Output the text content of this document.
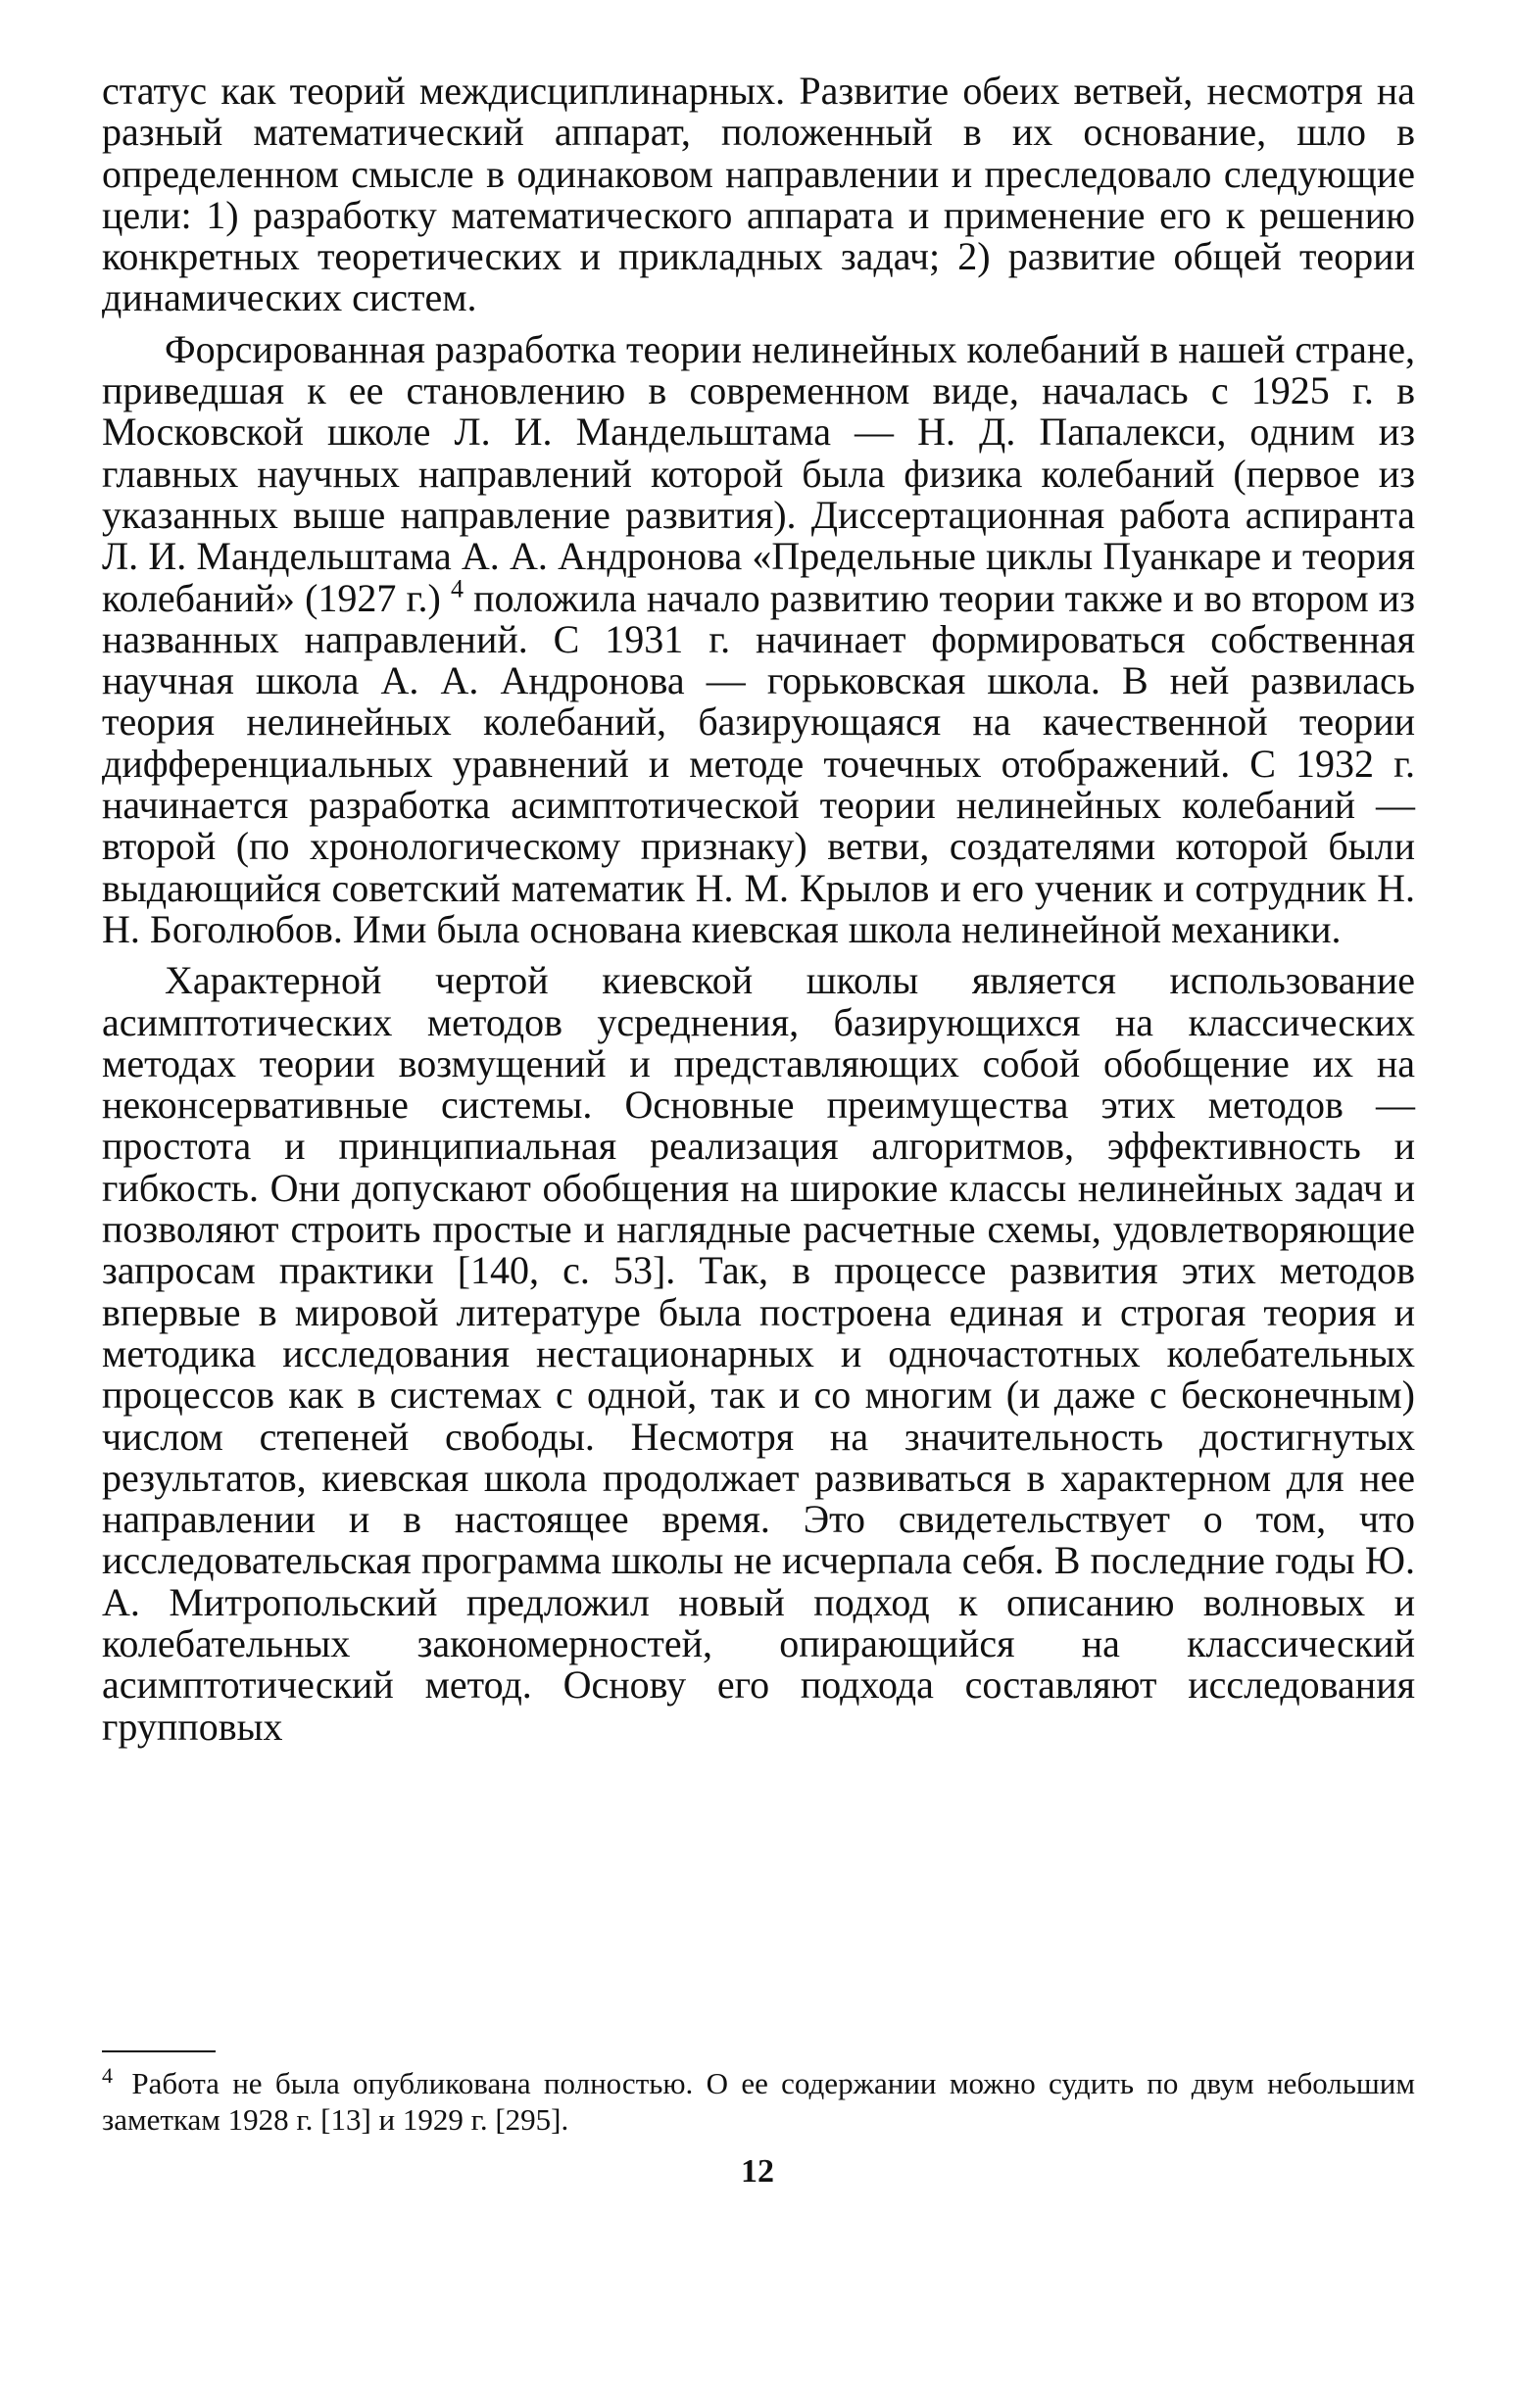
статус как теорий междисциплинарных. Развитие обеих ветвей, несмотря на разный математический аппарат, положенный в их основание, шло в определенном смысле в одинаковом направлении и преследовало следующие цели: 1) разработку математического аппарата и применение его к решению конкретных теоретических и прикладных задач; 2) развитие общей теории динамических систем.

Форсированная разработка теории нелинейных колебаний в нашей стране, приведшая к ее становлению в современном виде, началась с 1925 г. в Московской школе Л. И. Мандельштама — Н. Д. Папалекси, одним из главных научных направлений которой была физика колебаний (первое из указанных выше направление развития). Диссертационная работа аспиранта Л. И. Мандельштама А. А. Андронова «Предельные циклы Пуанкаре и теория колебаний» (1927 г.) $^4$ положила начало развитию теории также и во втором из названных направлений. С 1931 г. начинает формироваться собственная научная школа А. А. Андронова — горьковская школа. В ней развилась теория нелинейных колебаний, базирующаяся на качественной теории дифференциальных уравнений и методе точечных отображений. С 1932 г. начинается разработка асимптотической теории нелинейных колебаний — второй (по хронологическому признаку) ветви, создателями которой были выдающийся советский математик Н. М. Крылов и его ученик и сотрудник Н. Н. Боголюбов. Ими была основана киевская школа нелинейной механики.

Характерной чертой киевской школы является использование асимптотических методов усреднения, базирующихся на классических методах теории возмущений и представляющих собой обобщение их на неконсервативные системы. Основные преимущества этих методов — простота и принципиальная реализация алгоритмов, эффективность и гибкость. Они допускают обобщения на широкие классы нелинейных задач и позволяют строить простые и наглядные расчетные схемы, удовлетворяющие запросам практики [140, с. 53]. Так, в процессе развития этих методов впервые в мировой литературе была построена единая и строгая теория и методика исследования нестационарных и одночастотных колебательных процессов как в системах с одной, так и со многим (и даже с бесконечным) числом степеней свободы. Несмотря на значительность достигнутых результатов, киевская школа продолжает развиваться в характерном для нее направлении и в настоящее время. Это свидетельствует о том, что исследовательская программа школы не исчерпала себя. В последние годы Ю. А. Митропольский предложил новый подход к описанию волновых и колебательных закономерностей, опирающийся на классический асимптотический метод. Основу его подхода составляют исследования групповых

$^4$ Работа не была опубликована полностью. О ее содержании можно судить по двум небольшим заметкам 1928 г. [13] и 1929 г. [295].
12
